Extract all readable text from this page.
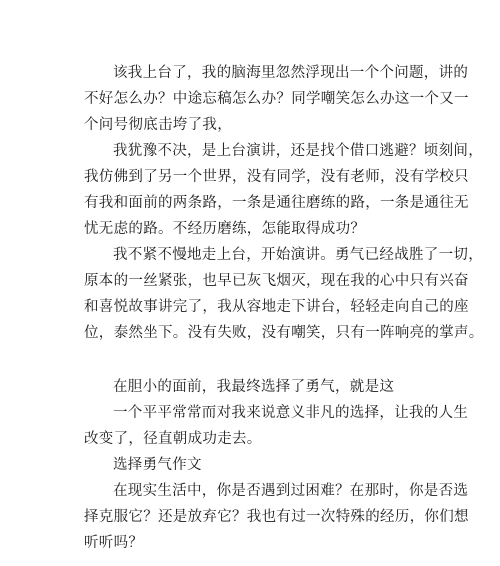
该我上台了，我的脑海里忽然浮现出一个个问题，讲的
不好怎么办？中途忘稿怎么办？同学嘲笑怎么办这一个又一
个问号彻底击垮了我，

我犹豫不决，是上台演讲，还是找个借口逃避？顷刻间，
我仿佛到了另一个世界，没有同学，没有老师，没有学校只
有我和面前的两条路，一条是通往磨练的路，一条是通往无
忧无虑的路。不经历磨练，怎能取得成功？

我不紧不慢地走上台，开始演讲。勇气已经战胜了一切，
原本的一丝紧张，也早已灰飞烟灭，现在我的心中只有兴奋
和喜悦故事讲完了，我从容地走下讲台，轻轻走向自己的座
位，泰然坐下。没有失败，没有嘲笑，只有一阵响亮的掌声。

在胆小的面前，我最终选择了勇气，就是这

一个平平常常而对我来说意义非凡的选择，让我的人生
改变了，径直朝成功走去。

选择勇气作文

在现实生活中，你是否遇到过困难？在那时，你是否选
择克服它？还是放弃它？我也有过一次特殊的经历，你们想
听听吗？
